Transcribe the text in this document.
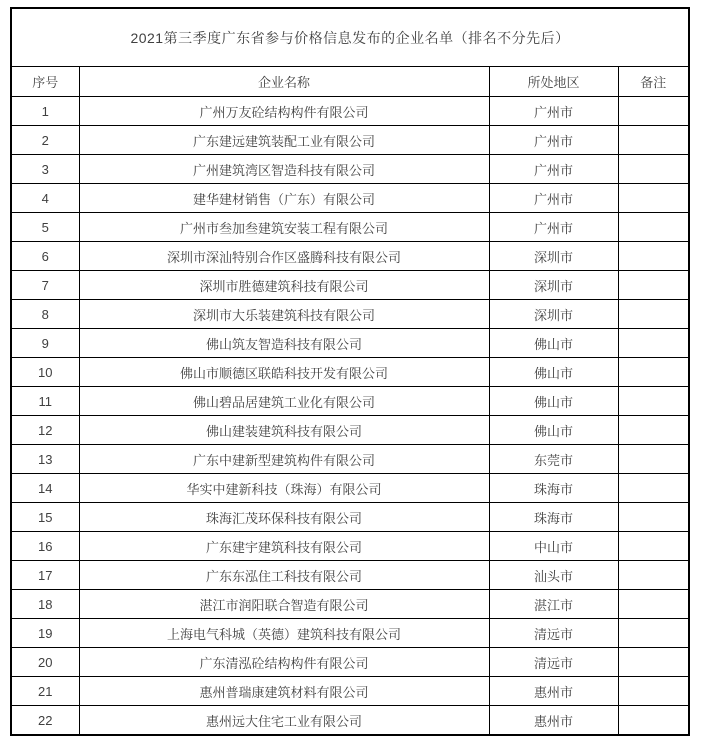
2021第三季度广东省参与价格信息发布的企业名单（排名不分先后）			
序号	企业名称	所处地区	备注
1	广州万友砼结构构件有限公司	广州市	
2	广东建远建筑装配工业有限公司	广州市	
3	广州建筑湾区智造科技有限公司	广州市	
4	建华建材销售（广东）有限公司	广州市	
5	广州市叁加叁建筑安装工程有限公司	广州市	
6	深圳市深汕特别合作区盛腾科技有限公司	深圳市	
7	深圳市胜德建筑科技有限公司	深圳市	
8	深圳市大乐装建筑科技有限公司	深圳市	
9	佛山筑友智造科技有限公司	佛山市	
10	佛山市顺德区联皓科技开发有限公司	佛山市	
11	佛山碧品居建筑工业化有限公司	佛山市	
12	佛山建装建筑科技有限公司	佛山市	
13	广东中建新型建筑构件有限公司	东莞市	
14	华实中建新科技（珠海）有限公司	珠海市	
15	珠海汇茂环保科技有限公司	珠海市	
16	广东建宇建筑科技有限公司	中山市	
17	广东东泓住工科技有限公司	汕头市	
18	湛江市润阳联合智造有限公司	湛江市	
19	上海电气科城（英德）建筑科技有限公司	清远市	
20	广东清泓砼结构构件有限公司	清远市	
21	惠州普瑞康建筑材料有限公司	惠州市	
22	惠州远大住宅工业有限公司	惠州市	
